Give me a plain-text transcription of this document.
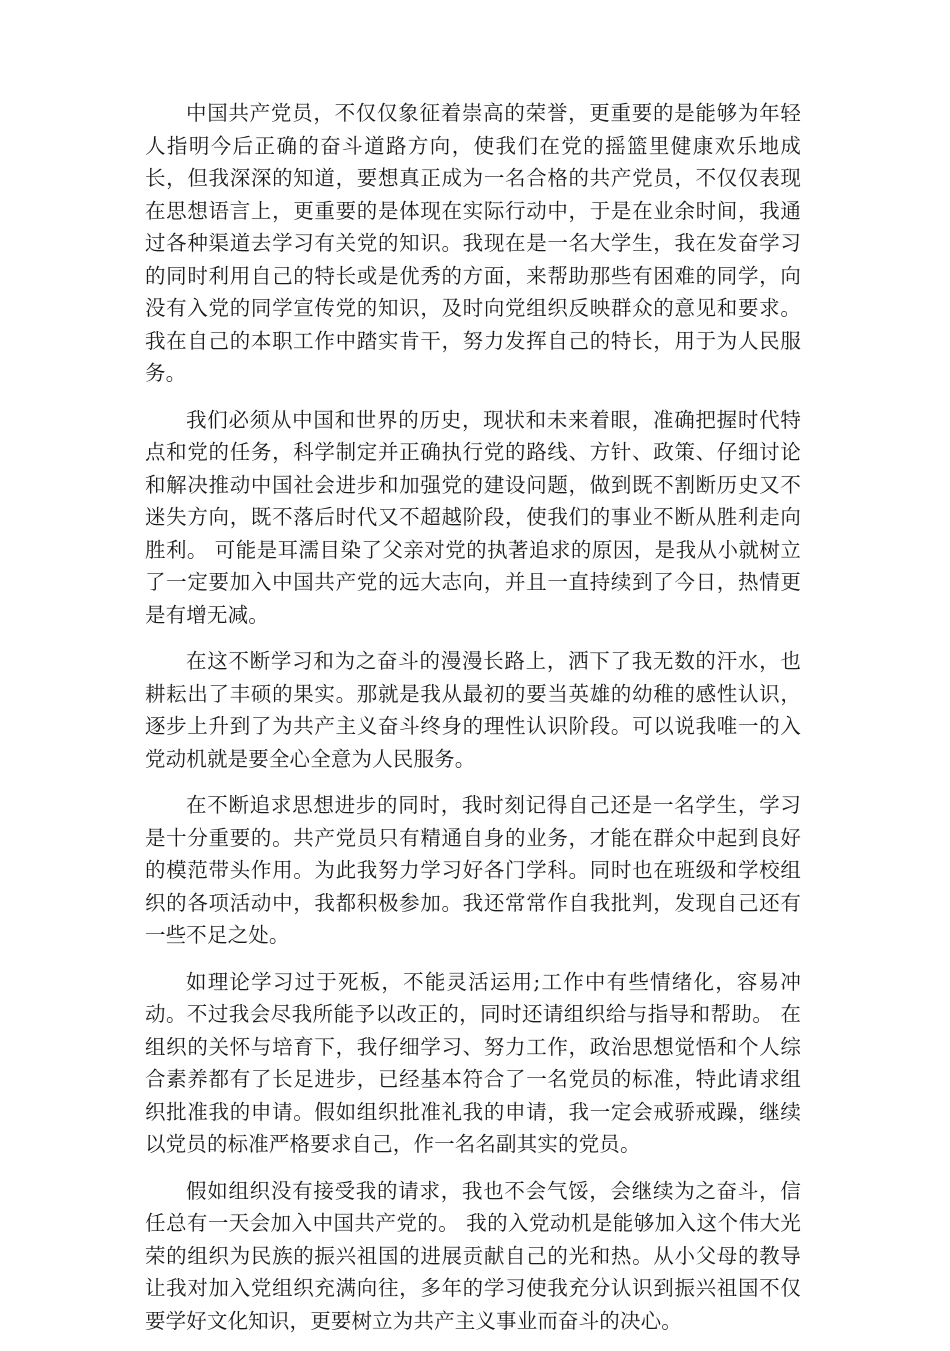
中国共产党员，不仅仅象征着崇高的荣誉，更重要的是能够为年轻人指明今后正确的奋斗道路方向，使我们在党的摇篮里健康欢乐地成长，但我深深的知道，要想真正成为一名合格的共产党员，不仅仅表现在思想语言上，更重要的是体现在实际行动中，于是在业余时间，我通过各种渠道去学习有关党的知识。我现在是一名大学生，我在发奋学习的同时利用自己的特长或是优秀的方面，来帮助那些有困难的同学，向没有入党的同学宣传党的知识，及时向党组织反映群众的意见和要求。我在自己的本职工作中踏实肯干，努力发挥自己的特长，用于为人民服务。

我们必须从中国和世界的历史，现状和未来着眼，准确把握时代特点和党的任务，科学制定并正确执行党的路线、方针、政策、仔细讨论和解决推动中国社会进步和加强党的建设问题，做到既不割断历史又不迷失方向，既不落后时代又不超越阶段，使我们的事业不断从胜利走向胜利。 可能是耳濡目染了父亲对党的执著追求的原因，是我从小就树立了一定要加入中国共产党的远大志向，并且一直持续到了今日，热情更是有增无减。

在这不断学习和为之奋斗的漫漫长路上，洒下了我无数的汗水，也耕耘出了丰硕的果实。那就是我从最初的要当英雄的幼稚的感性认识，逐步上升到了为共产主义奋斗终身的理性认识阶段。可以说我唯一的入党动机就是要全心全意为人民服务。

在不断追求思想进步的同时，我时刻记得自己还是一名学生，学习是十分重要的。共产党员只有精通自身的业务，才能在群众中起到良好的模范带头作用。为此我努力学习好各门学科。同时也在班级和学校组织的各项活动中，我都积极参加。我还常常作自我批判，发现自己还有一些不足之处。

如理论学习过于死板，不能灵活运用;工作中有些情绪化，容易冲动。不过我会尽我所能予以改正的，同时还请组织给与指导和帮助。 在组织的关怀与培育下，我仔细学习、努力工作，政治思想觉悟和个人综合素养都有了长足进步，已经基本符合了一名党员的标准，特此请求组织批准我的申请。假如组织批准礼我的申请，我一定会戒骄戒躁，继续以党员的标准严格要求自己，作一名名副其实的党员。

假如组织没有接受我的请求，我也不会气馁，会继续为之奋斗，信任总有一天会加入中国共产党的。 我的入党动机是能够加入这个伟大光荣的组织为民族的振兴祖国的进展贡献自己的光和热。从小父母的教导让我对加入党组织充满向往，多年的学习使我充分认识到振兴祖国不仅要学好文化知识，更要树立为共产主义事业而奋斗的决心。
